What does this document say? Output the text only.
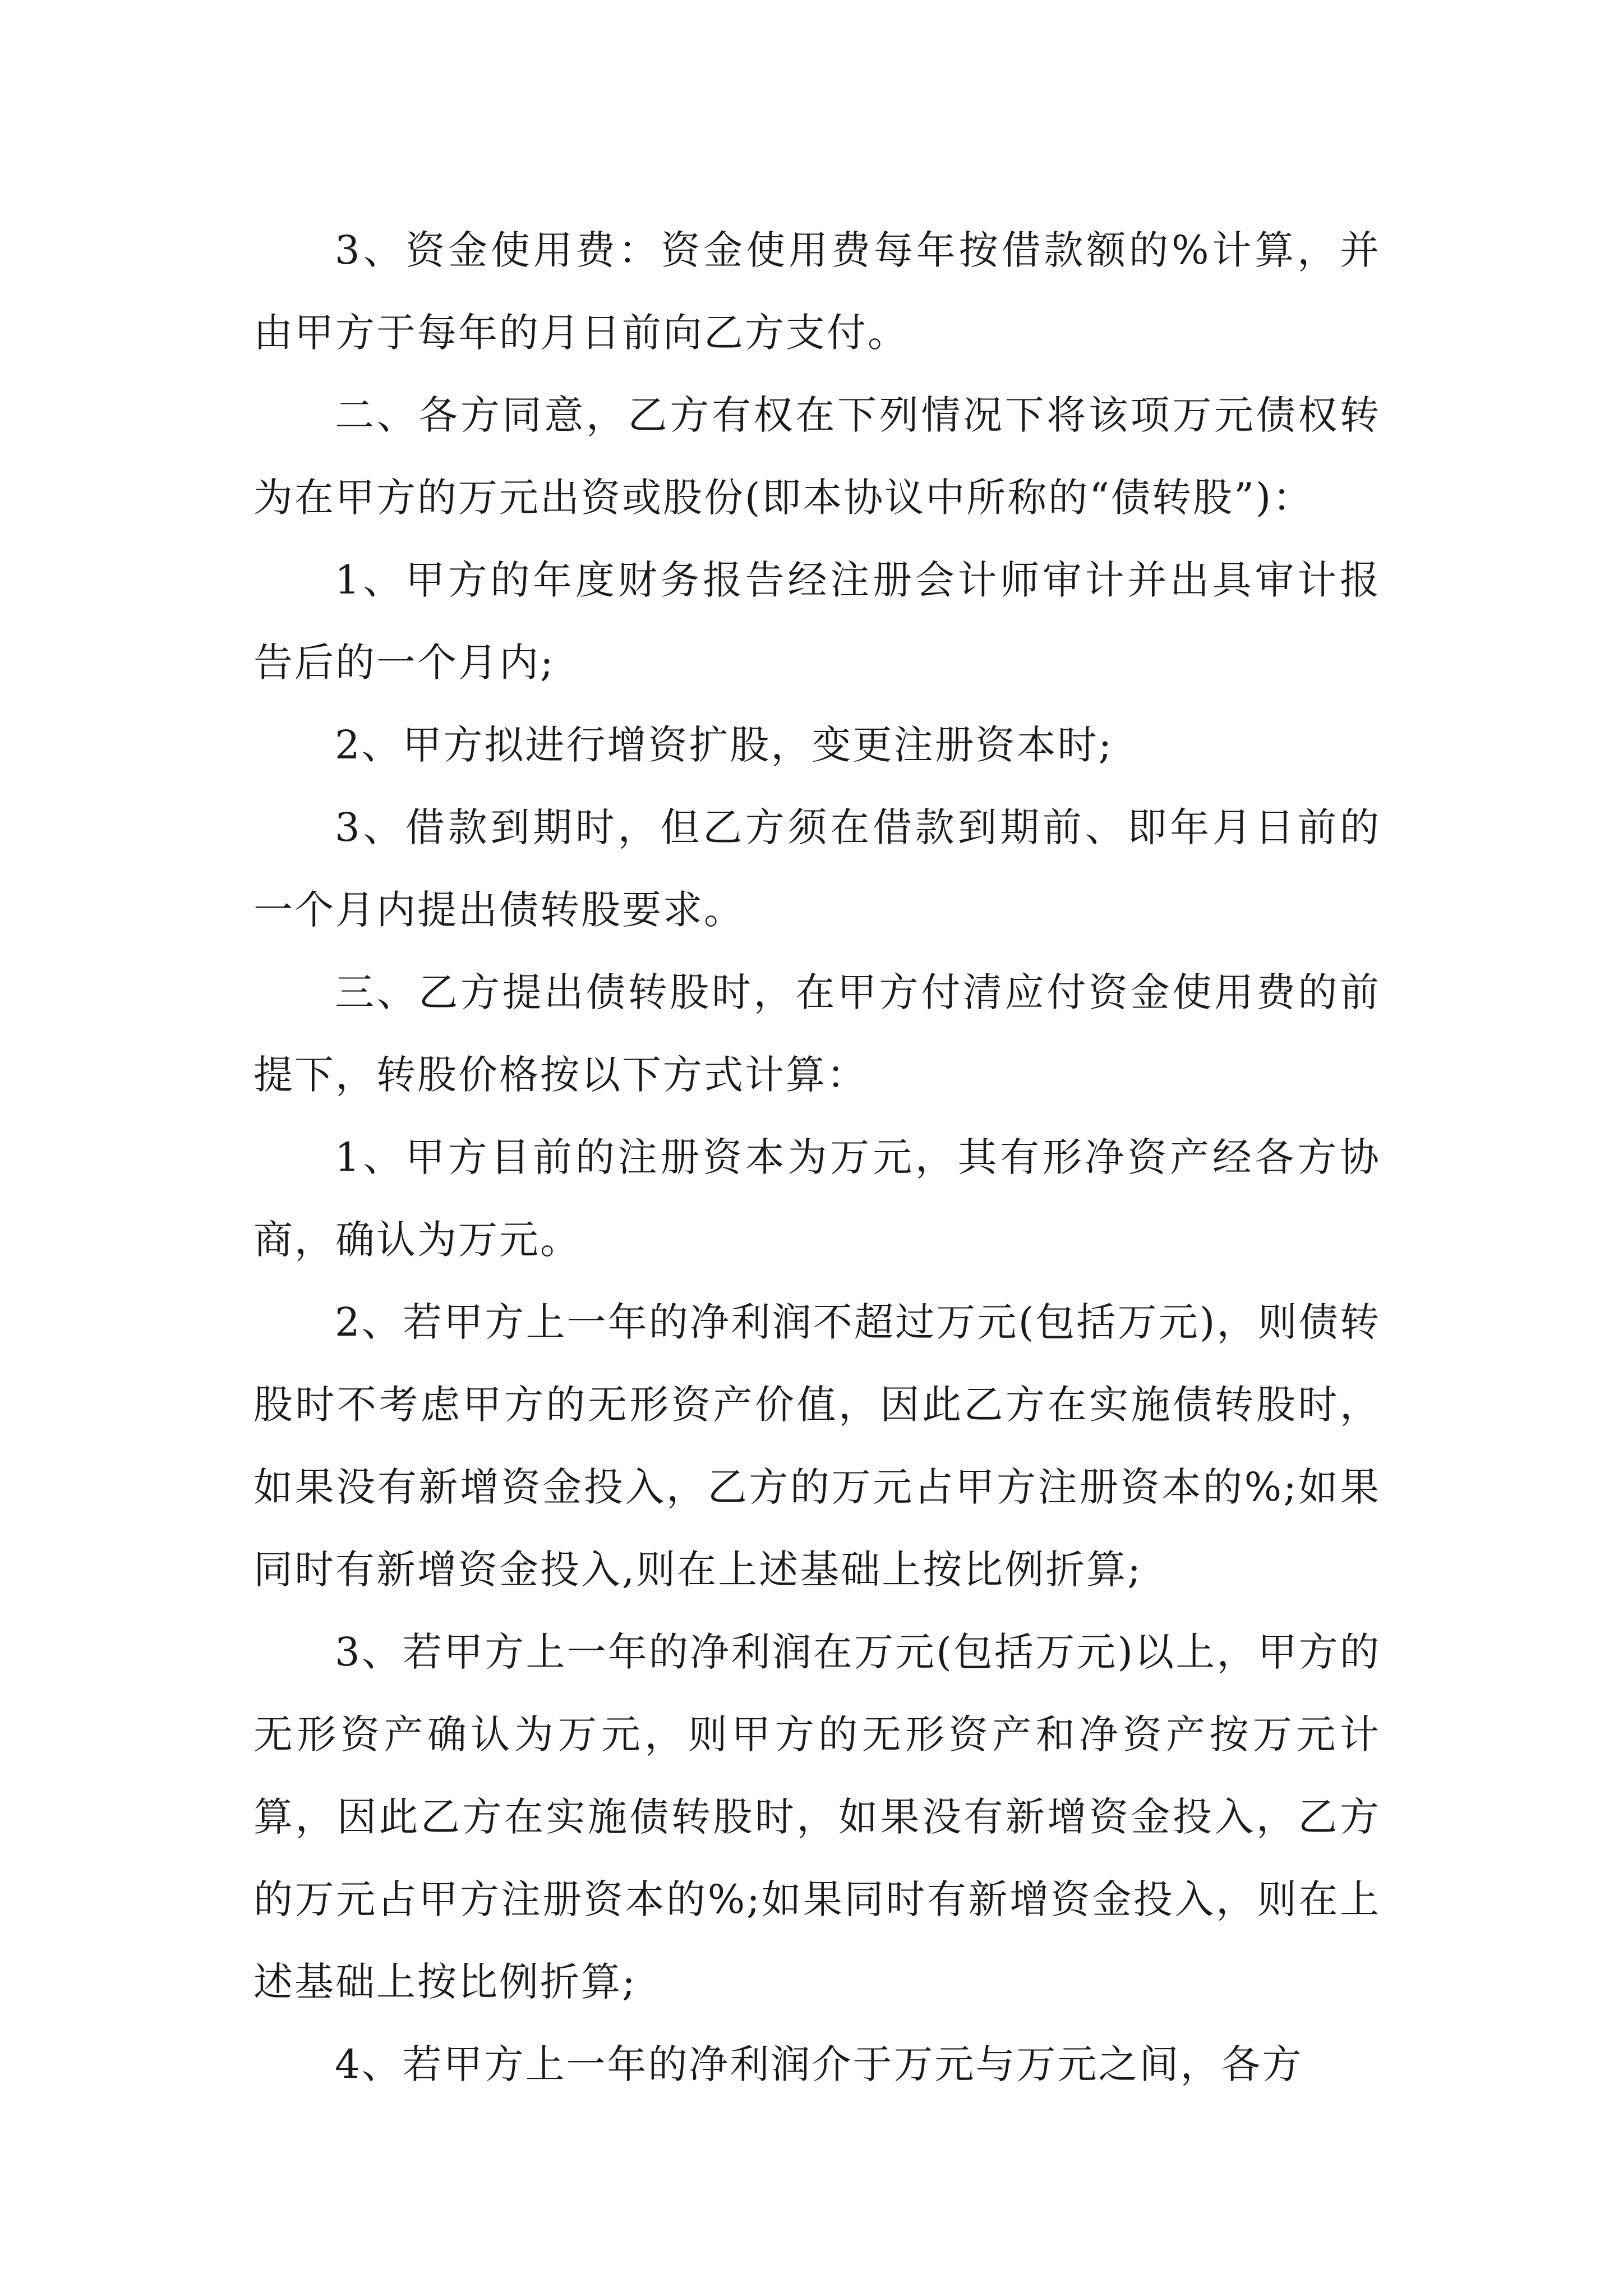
3、资金使用费：资金使用费每年按借款额的%计算，并由甲方于每年的月日前向乙方支付。

二、各方同意，乙方有权在下列情况下将该项万元债权转为在甲方的万元出资或股份(即本协议中所称的“债转股”)：

1、甲方的年度财务报告经注册会计师审计并出具审计报告后的一个月内;

2、甲方拟进行增资扩股，变更注册资本时;

3、借款到期时，但乙方须在借款到期前、即年月日前的一个月内提出债转股要求。

三、乙方提出债转股时，在甲方付清应付资金使用费的前提下，转股价格按以下方式计算：

1、甲方目前的注册资本为万元，其有形净资产经各方协商，确认为万元。

2、若甲方上一年的净利润不超过万元(包括万元)，则债转股时不考虑甲方的无形资产价值，因此乙方在实施债转股时，如果没有新增资金投入，乙方的万元占甲方注册资本的%;如果同时有新增资金投入,则在上述基础上按比例折算;

3、若甲方上一年的净利润在万元(包括万元)以上，甲方的无形资产确认为万元，则甲方的无形资产和净资产按万元计算，因此乙方在实施债转股时，如果没有新增资金投入，乙方的万元占甲方注册资本的%;如果同时有新增资金投入，则在上述基础上按比例折算;

4、若甲方上一年的净利润介于万元与万元之间，各方
